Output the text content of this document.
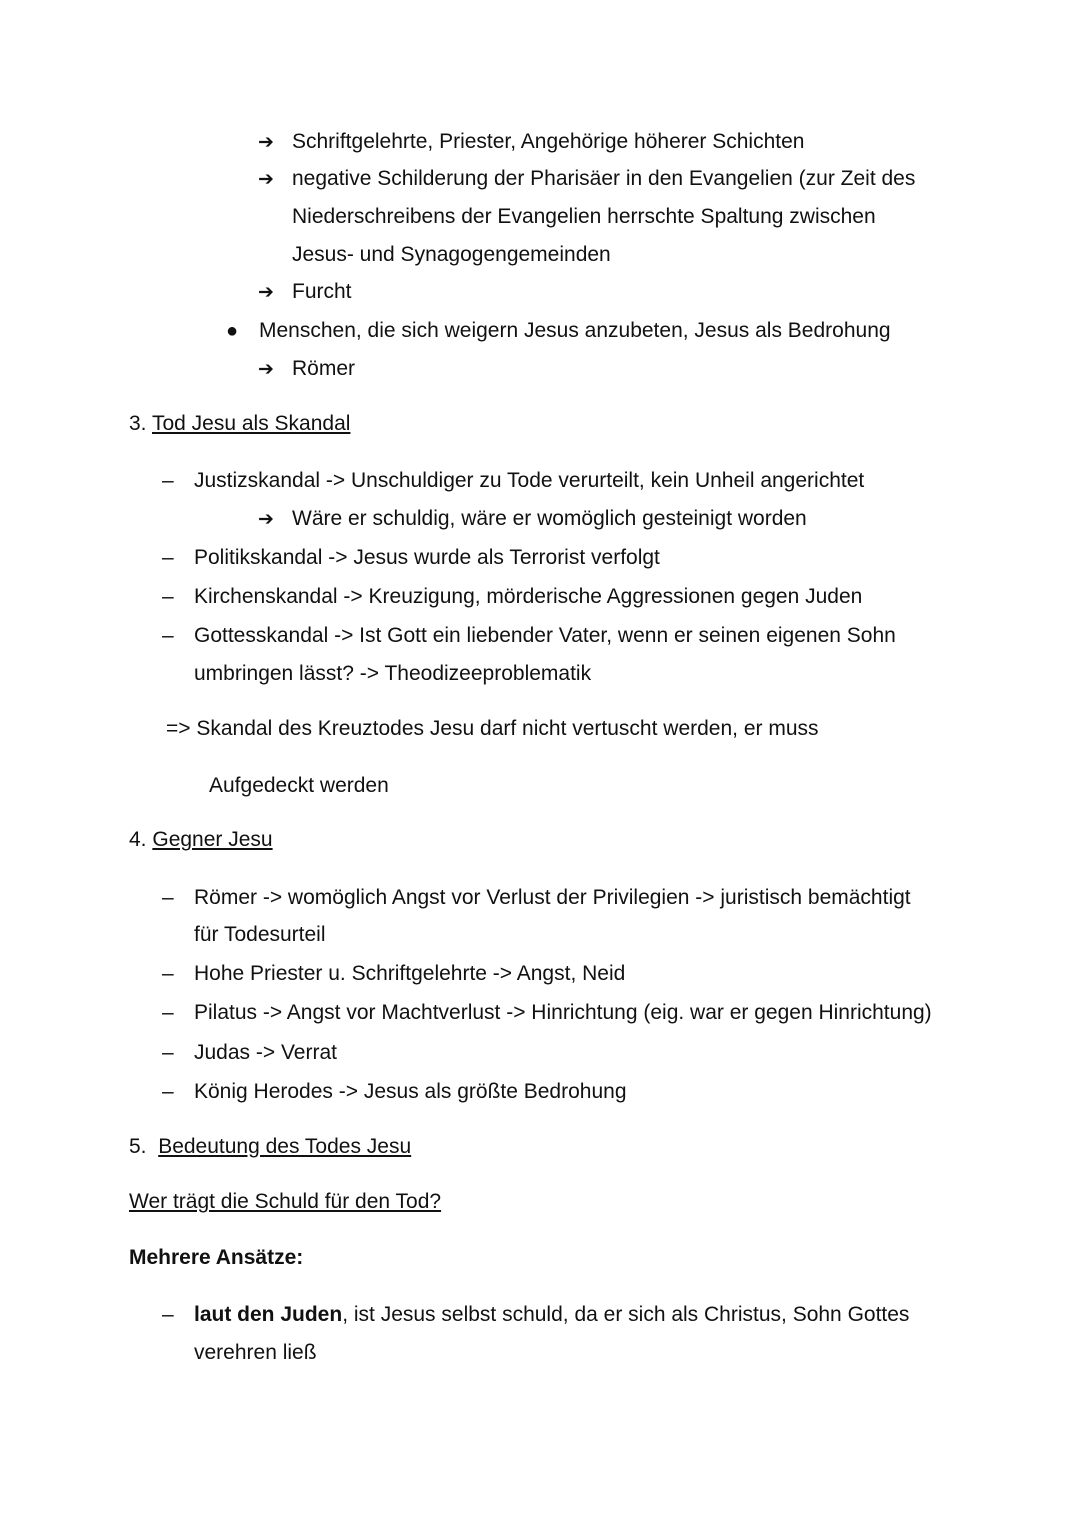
➔ Schriftgelehrte, Priester, Angehörige höherer Schichten
➔ negative Schilderung der Pharisäer in den Evangelien (zur Zeit des
Niederschreibens der Evangelien herrschte Spaltung zwischen
Jesus- und Synagogengemeinden
➔ Furcht
● Menschen, die sich weigern Jesus anzubeten, Jesus als Bedrohung
➔ Römer
3. Tod Jesu als Skandal
– Justizskandal -> Unschuldiger zu Tode verurteilt, kein Unheil angerichtet
➔ Wäre er schuldig, wäre er womöglich gesteinigt worden
– Politikskandal -> Jesus wurde als Terrorist verfolgt
– Kirchenskandal -> Kreuzigung, mörderische Aggressionen gegen Juden
– Gottesskandal -> Ist Gott ein liebender Vater, wenn er seinen eigenen Sohn
umbringen lässt? -> Theodizeeproblematik
=> Skandal des Kreuztodes Jesu darf nicht vertuscht werden, er muss
Aufgedeckt werden
4. Gegner Jesu
– Römer -> womöglich Angst vor Verlust der Privilegien -> juristisch bemächtigt
für Todesurteil
– Hohe Priester u. Schriftgelehrte -> Angst, Neid
– Pilatus -> Angst vor Machtverlust -> Hinrichtung (eig. war er gegen Hinrichtung)
– Judas -> Verrat
– König Herodes -> Jesus als größte Bedrohung
5. Bedeutung des Todes Jesu
Wer trägt die Schuld für den Tod?
Mehrere Ansätze:
– laut den Juden, ist Jesus selbst schuld, da er sich als Christus, Sohn Gottes
verehren ließ
